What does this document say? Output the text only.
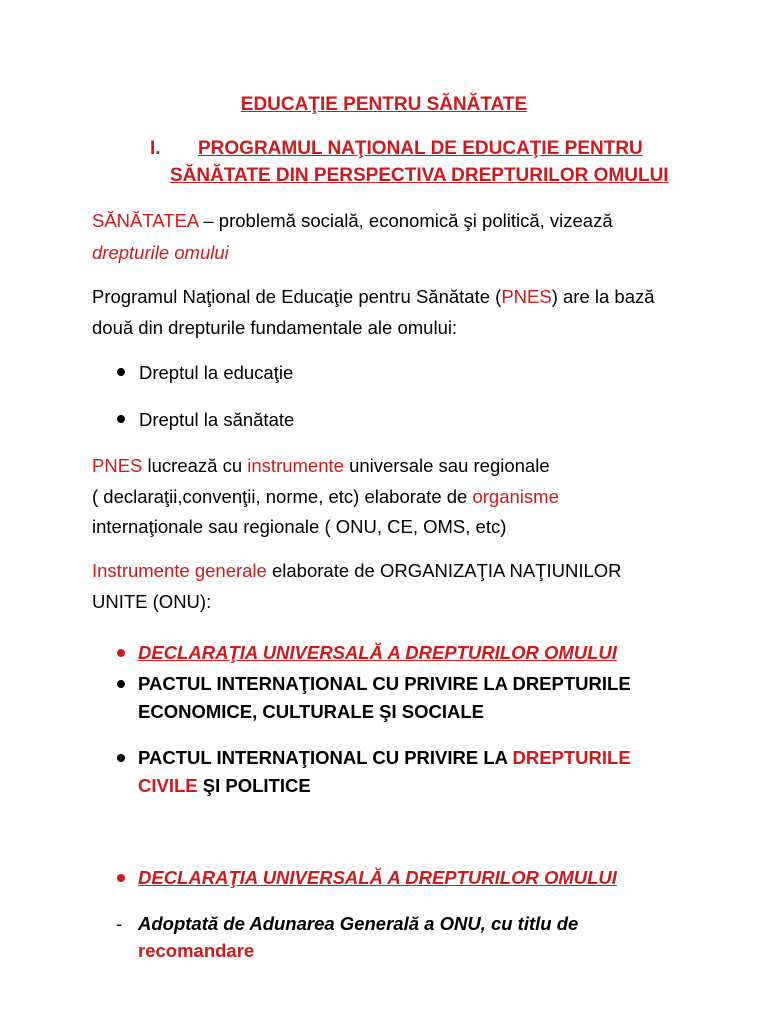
EDUCAŢIE PENTRU SĂNĂTATE
I. PROGRAMUL NAŢIONAL DE EDUCAŢIE PENTRU
SĂNĂTATE DIN PERSPECTIVA DREPTURILOR OMULUI
SĂNĂTATEA – problemă socială, economică şi politică, vizează
drepturile omului
Programul Naţional de Educaţie pentru Sănătate (PNES) are la bază
două din drepturile fundamentale ale omului:
Dreptul la educaţie
Dreptul la sănătate
PNES lucrează cu instrumente universale sau regionale
( declaraţii,convenţii, norme, etc) elaborate de organisme
internaţionale sau regionale ( ONU, CE, OMS, etc)
Instrumente generale elaborate de ORGANIZAŢIA NAŢIUNILOR
UNITE (ONU):
DECLARAŢIA UNIVERSALĂ A DREPTURILOR OMULUI
PACTUL INTERNAŢIONAL CU PRIVIRE LA DREPTURILE
ECONOMICE, CULTURALE ŞI SOCIALE
PACTUL INTERNAŢIONAL CU PRIVIRE LA DREPTURILE
CIVILE ŞI POLITICE
DECLARAŢIA UNIVERSALĂ A DREPTURILOR OMULUI
- Adoptată de Adunarea Generală a ONU, cu titlu de
recomandare
